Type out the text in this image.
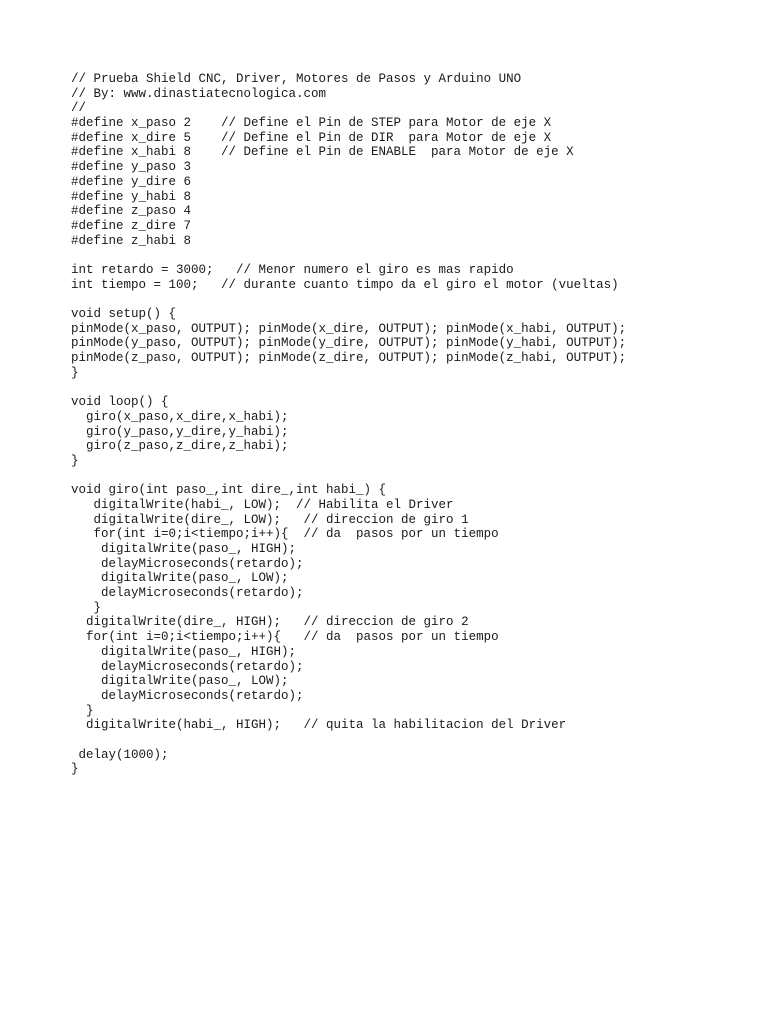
// Prueba Shield CNC, Driver, Motores de Pasos y Arduino UNO
// By: www.dinastiatecnologica.com
//
#define x_paso 2    // Define el Pin de STEP para Motor de eje X
#define x_dire 5    // Define el Pin de DIR  para Motor de eje X
#define x_habi 8    // Define el Pin de ENABLE  para Motor de eje X
#define y_paso 3
#define y_dire 6
#define y_habi 8
#define z_paso 4
#define z_dire 7
#define z_habi 8
int retardo = 3000;   // Menor numero el giro es mas rapido
int tiempo = 100;   // durante cuanto timpo da el giro el motor (vueltas)
void setup() {
pinMode(x_paso, OUTPUT); pinMode(x_dire, OUTPUT); pinMode(x_habi, OUTPUT);
pinMode(y_paso, OUTPUT); pinMode(y_dire, OUTPUT); pinMode(y_habi, OUTPUT);
pinMode(z_paso, OUTPUT); pinMode(z_dire, OUTPUT); pinMode(z_habi, OUTPUT);
}
void loop() {
giro(x_paso,x_dire,x_habi);
giro(y_paso,y_dire,y_habi);
giro(z_paso,z_dire,z_habi);
}
void giro(int paso_,int dire_,int habi_) {
digitalWrite(habi_, LOW);  // Habilita el Driver
digitalWrite(dire_, LOW);   // direccion de giro 1
for(int i=0;i<tiempo;i++){  // da  pasos por un tiempo
digitalWrite(paso_, HIGH);
delayMicroseconds(retardo);
digitalWrite(paso_, LOW);
delayMicroseconds(retardo);
}
digitalWrite(dire_, HIGH);   // direccion de giro 2
for(int i=0;i<tiempo;i++){   // da  pasos por un tiempo
digitalWrite(paso_, HIGH);
delayMicroseconds(retardo);
digitalWrite(paso_, LOW);
delayMicroseconds(retardo);
}
digitalWrite(habi_, HIGH);   // quita la habilitacion del Driver
delay(1000);
}
